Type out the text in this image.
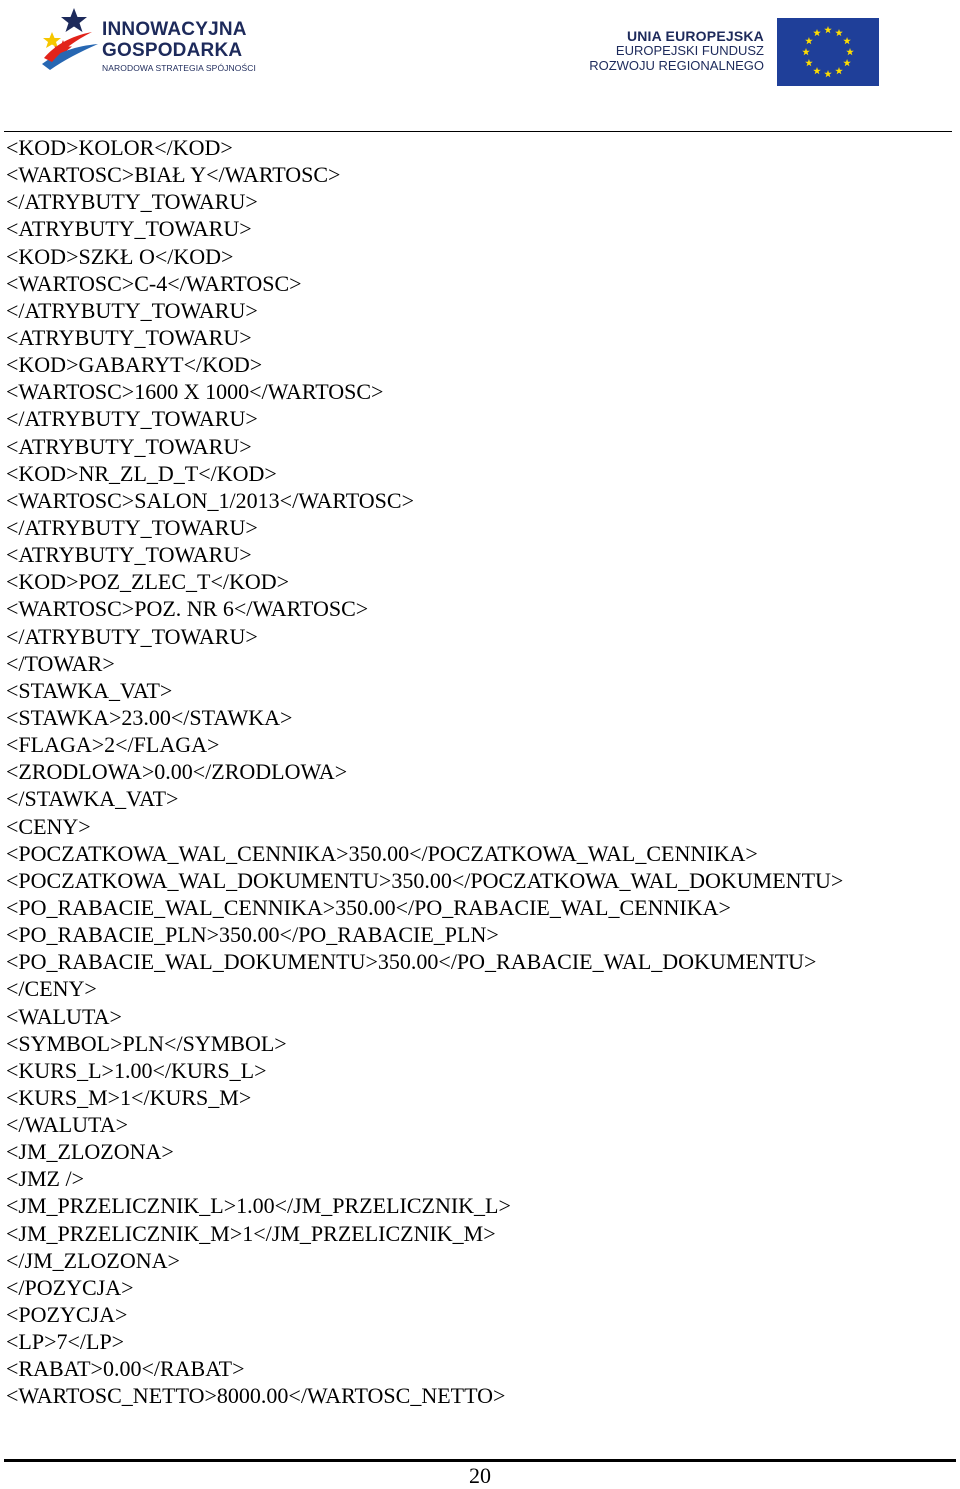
INNOWACYJNA
GOSPODARKA
NARODOWA STRATEGIA SPÓJNOŚCI
UNIA EUROPEJSKA
EUROPEJSKI FUNDUSZ
ROZWOJU REGIONALNEGO
<KOD>KOLOR</KOD>
<WARTOSC>BIAŁ Y</WARTOSC>
</ATRYBUTY_TOWARU>
<ATRYBUTY_TOWARU>
<KOD>SZKŁ O</KOD>
<WARTOSC>C-4</WARTOSC>
</ATRYBUTY_TOWARU>
<ATRYBUTY_TOWARU>
<KOD>GABARYT</KOD>
<WARTOSC>1600 X 1000</WARTOSC>
</ATRYBUTY_TOWARU>
<ATRYBUTY_TOWARU>
<KOD>NR_ZL_D_T</KOD>
<WARTOSC>SALON_1/2013</WARTOSC>
</ATRYBUTY_TOWARU>
<ATRYBUTY_TOWARU>
<KOD>POZ_ZLEC_T</KOD>
<WARTOSC>POZ. NR 6</WARTOSC>
</ATRYBUTY_TOWARU>
</TOWAR>
<STAWKA_VAT>
<STAWKA>23.00</STAWKA>
<FLAGA>2</FLAGA>
<ZRODLOWA>0.00</ZRODLOWA>
</STAWKA_VAT>
<CENY>
<POCZATKOWA_WAL_CENNIKA>350.00</POCZATKOWA_WAL_CENNIKA>
<POCZATKOWA_WAL_DOKUMENTU>350.00</POCZATKOWA_WAL_DOKUMENTU>
<PO_RABACIE_WAL_CENNIKA>350.00</PO_RABACIE_WAL_CENNIKA>
<PO_RABACIE_PLN>350.00</PO_RABACIE_PLN>
<PO_RABACIE_WAL_DOKUMENTU>350.00</PO_RABACIE_WAL_DOKUMENTU>
</CENY>
<WALUTA>
<SYMBOL>PLN</SYMBOL>
<KURS_L>1.00</KURS_L>
<KURS_M>1</KURS_M>
</WALUTA>
<JM_ZLOZONA>
<JMZ />
<JM_PRZELICZNIK_L>1.00</JM_PRZELICZNIK_L>
<JM_PRZELICZNIK_M>1</JM_PRZELICZNIK_M>
</JM_ZLOZONA>
</POZYCJA>
<POZYCJA>
<LP>7</LP>
<RABAT>0.00</RABAT>
<WARTOSC_NETTO>8000.00</WARTOSC_NETTO>
20
